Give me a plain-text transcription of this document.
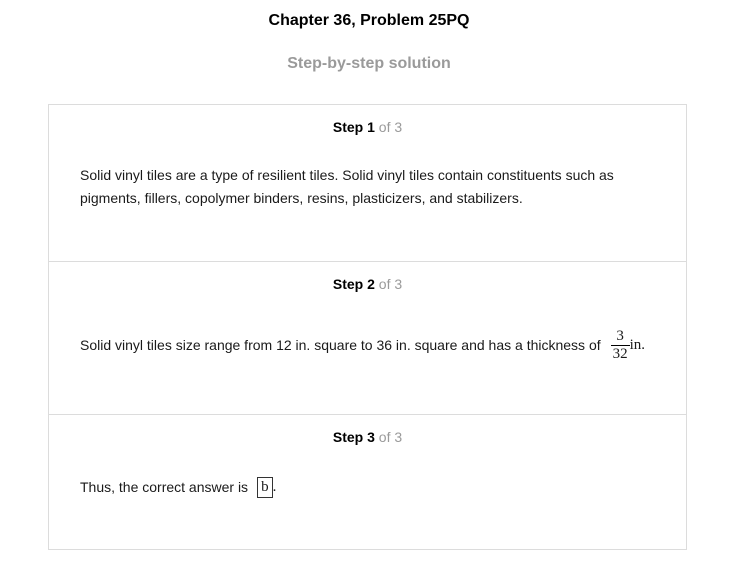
Chapter 36, Problem 25PQ
Step-by-step solution
Step 1 of 3
Solid vinyl tiles are a type of resilient tiles. Solid vinyl tiles contain constituents such as pigments, fillers, copolymer binders, resins, plasticizers, and stabilizers.
Step 2 of 3
Solid vinyl tiles size range from 12 in. square to 36 in. square and has a thickness of $\frac{3}{32}$ in.
Step 3 of 3
Thus, the correct answer is b .
